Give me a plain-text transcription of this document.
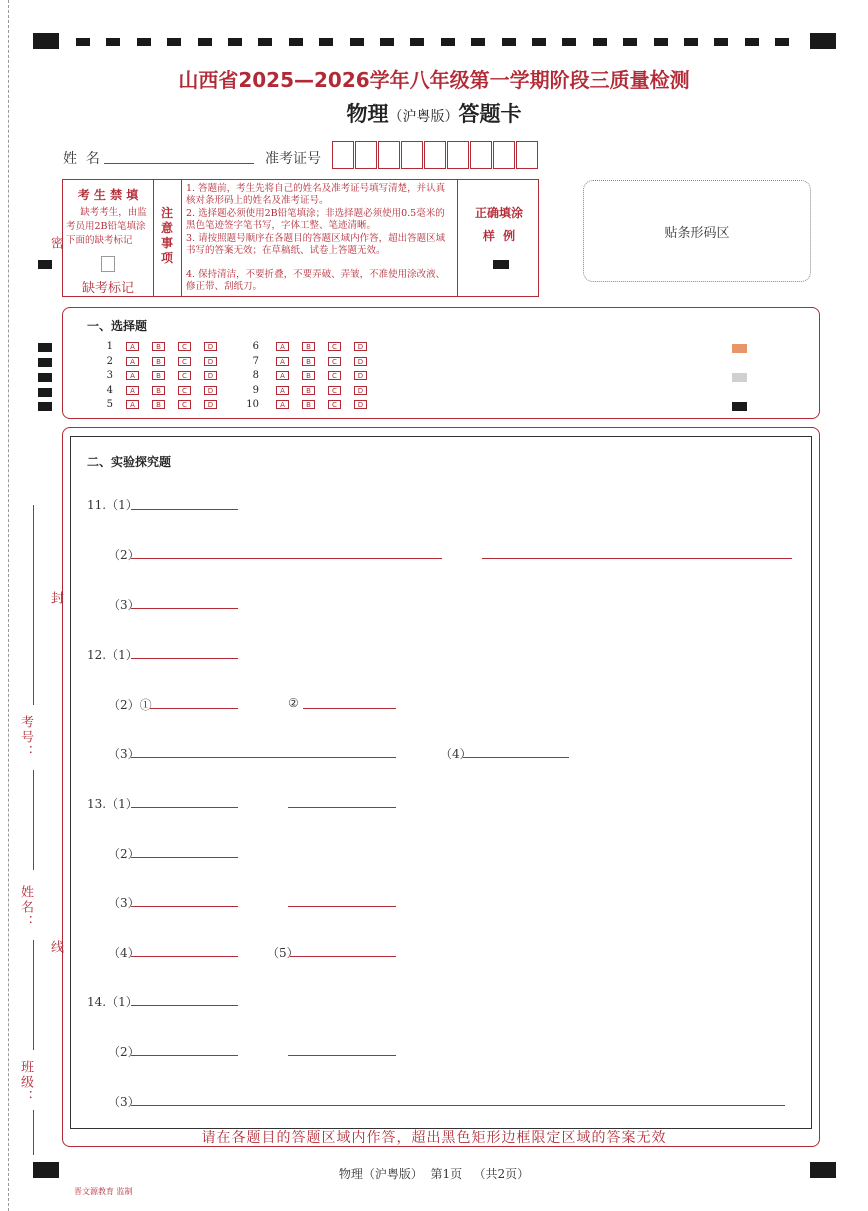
山西省2025—2026学年八年级第一学期阶段三质量检测
物理（沪粤版）答题卡
姓  名	准考证号
考 生 禁 填
缺考考生，由监考员用2B铅笔填涂下面的缺考标记
缺考标记
注意事项
1. 答题前，考生先将自己的姓名及准考证号填写清楚，并认真核对条形码上的姓名及准考证号。
2. 选择题必须使用2B铅笔填涂；非选择题必须使用0.5毫米的黑色笔迹签字笔书写，字体工整、笔迹清晰。
3. 请按照题号顺序在各题目的答题区域内作答，超出答题区域书写的答案无效；在草稿纸、试卷上答题无效。
4. 保持清洁，不要折叠，不要弄破、弄皱，不准使用涂改液、修正带、刮纸刀。
正确填涂
样  例	贴条形码区
一、选择题
1	A	B	C	D
2	A	B	C	D
3	A	B	C	D
4	A	B	C	D
5	A	B	C	D
6	A	B	C	D
7	A	B	C	D
8	A	B	C	D
9	A	B	C	D
10	A	B	C	D
二、实验探究题
11.（1）
（2）
（3）
12.（1）
（2）①	②
（3）	（4）
13.（1）
（2）
（3）
（4）	（5）
14.（1）
（2）
（3）
密
封
线
考号：
姓名：
班级：
请在各题目的答题区域内作答，超出黑色矩形边框限定区域的答案无效
物理（沪粤版）  第1页   （共2页）
晋文源教育 监制
